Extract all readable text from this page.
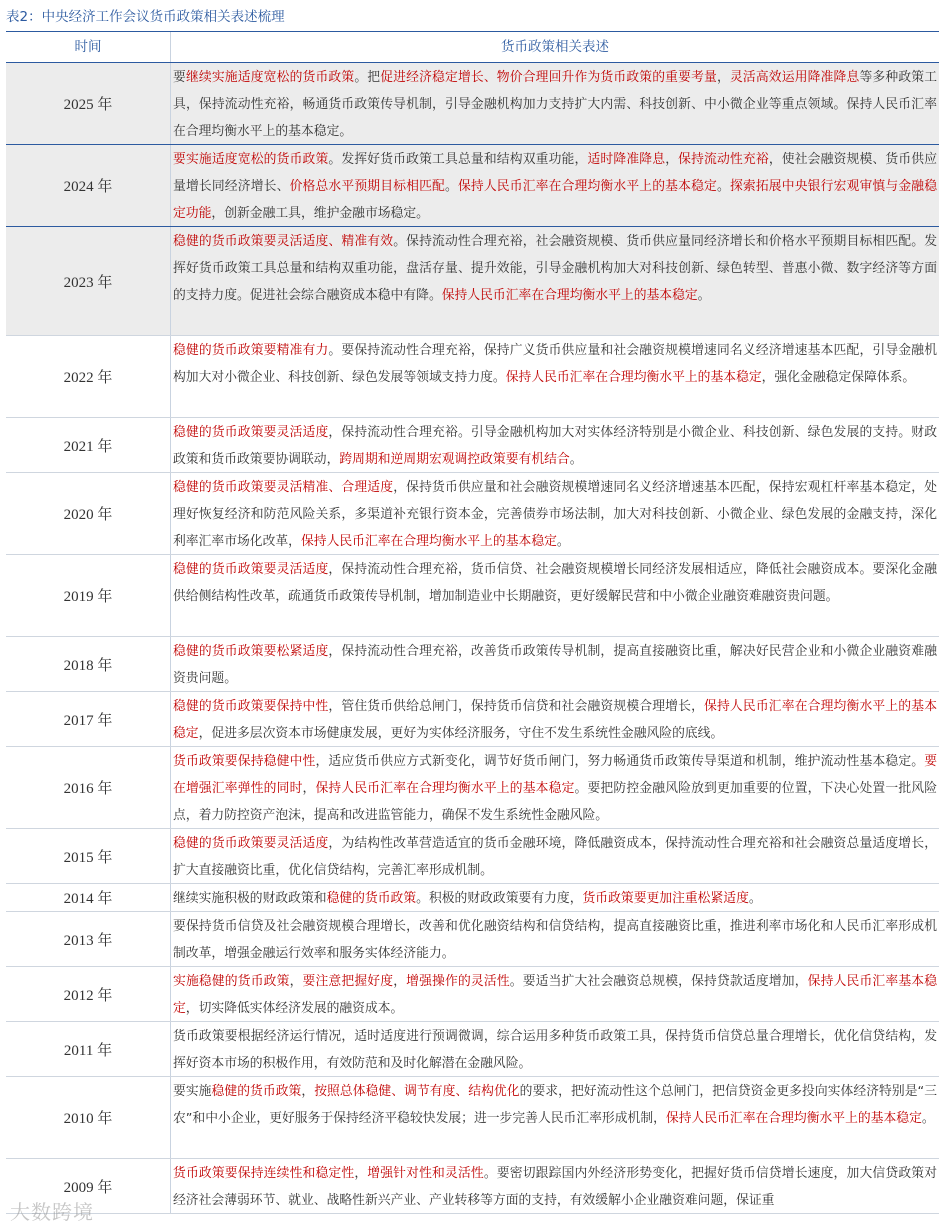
表2：中央经济工作会议货币政策相关表述梳理
时间	货币政策相关表述
2025 年
要继续实施适度宽松的货币政策。把促进经济稳定增长、物价合理回升作为货币政策的重要考量，灵活高效运用降准降息等多种政策工具，保持流动性充裕，畅通货币政策传导机制，引导金融机构加力支持扩大内需、科技创新、中小微企业等重点领域。保持人民币汇率在合理均衡水平上的基本稳定。
2024 年
要实施适度宽松的货币政策。发挥好货币政策工具总量和结构双重功能，适时降准降息，保持流动性充裕，使社会融资规模、货币供应量增长同经济增长、价格总水平预期目标相匹配。保持人民币汇率在合理均衡水平上的基本稳定。探索拓展中央银行宏观审慎与金融稳定功能，创新金融工具，维护金融市场稳定。
2023 年
稳健的货币政策要灵活适度、精准有效。保持流动性合理充裕，社会融资规模、货币供应量同经济增长和价格水平预期目标相匹配。发挥好货币政策工具总量和结构双重功能，盘活存量、提升效能，引导金融机构加大对科技创新、绿色转型、普惠小微、数字经济等方面的支持力度。促进社会综合融资成本稳中有降。保持人民币汇率在合理均衡水平上的基本稳定。
2022 年
稳健的货币政策要精准有力。要保持流动性合理充裕，保持广义货币供应量和社会融资规模增速同名义经济增速基本匹配，引导金融机构加大对小微企业、科技创新、绿色发展等领域支持力度。保持人民币汇率在合理均衡水平上的基本稳定，强化金融稳定保障体系。
2021 年
稳健的货币政策要灵活适度，保持流动性合理充裕。引导金融机构加大对实体经济特别是小微企业、科技创新、绿色发展的支持。财政政策和货币政策要协调联动，跨周期和逆周期宏观调控政策要有机结合。
2020 年
稳健的货币政策要灵活精准、合理适度，保持货币供应量和社会融资规模增速同名义经济增速基本匹配，保持宏观杠杆率基本稳定，处理好恢复经济和防范风险关系，多渠道补充银行资本金，完善债券市场法制，加大对科技创新、小微企业、绿色发展的金融支持，深化利率汇率市场化改革，保持人民币汇率在合理均衡水平上的基本稳定。
2019 年
稳健的货币政策要灵活适度，保持流动性合理充裕，货币信贷、社会融资规模增长同经济发展相适应，降低社会融资成本。要深化金融供给侧结构性改革，疏通货币政策传导机制，增加制造业中长期融资，更好缓解民营和中小微企业融资难融资贵问题。
2018 年
稳健的货币政策要松紧适度，保持流动性合理充裕，改善货币政策传导机制，提高直接融资比重，解决好民营企业和小微企业融资难融资贵问题。
2017 年
稳健的货币政策要保持中性，管住货币供给总闸门，保持货币信贷和社会融资规模合理增长，保持人民币汇率在合理均衡水平上的基本稳定，促进多层次资本市场健康发展，更好为实体经济服务，守住不发生系统性金融风险的底线。
2016 年
货币政策要保持稳健中性，适应货币供应方式新变化，调节好货币闸门，努力畅通货币政策传导渠道和机制，维护流动性基本稳定。要在增强汇率弹性的同时，保持人民币汇率在合理均衡水平上的基本稳定。要把防控金融风险放到更加重要的位置，下决心处置一批风险点，着力防控资产泡沫，提高和改进监管能力，确保不发生系统性金融风险。
2015 年
稳健的货币政策要灵活适度，为结构性改革营造适宜的货币金融环境，降低融资成本，保持流动性合理充裕和社会融资总量适度增长，扩大直接融资比重，优化信贷结构，完善汇率形成机制。
2014 年	继续实施积极的财政政策和稳健的货币政策。积极的财政政策要有力度，货币政策要更加注重松紧适度。
2013 年
要保持货币信贷及社会融资规模合理增长，改善和优化融资结构和信贷结构，提高直接融资比重，推进利率市场化和人民币汇率形成机制改革，增强金融运行效率和服务实体经济能力。
2012 年
实施稳健的货币政策，要注意把握好度，增强操作的灵活性。要适当扩大社会融资总规模，保持贷款适度增加，保持人民币汇率基本稳定，切实降低实体经济发展的融资成本。
2011 年
货币政策要根据经济运行情况，适时适度进行预调微调，综合运用多种货币政策工具，保持货币信贷总量合理增长，优化信贷结构，发挥好资本市场的积极作用，有效防范和及时化解潜在金融风险。
2010 年
要实施稳健的货币政策，按照总体稳健、调节有度、结构优化的要求，把好流动性这个总闸门，把信贷资金更多投向实体经济特别是“三农”和中小企业，更好服务于保持经济平稳较快发展；进一步完善人民币汇率形成机制，保持人民币汇率在合理均衡水平上的基本稳定。
2009 年
货币政策要保持连续性和稳定性，增强针对性和灵活性。要密切跟踪国内外经济形势变化，把握好货币信贷增长速度，加大信贷政策对经济社会薄弱环节、就业、战略性新兴产业、产业转移等方面的支持，有效缓解小企业融资难问题，保证重
大数跨境
